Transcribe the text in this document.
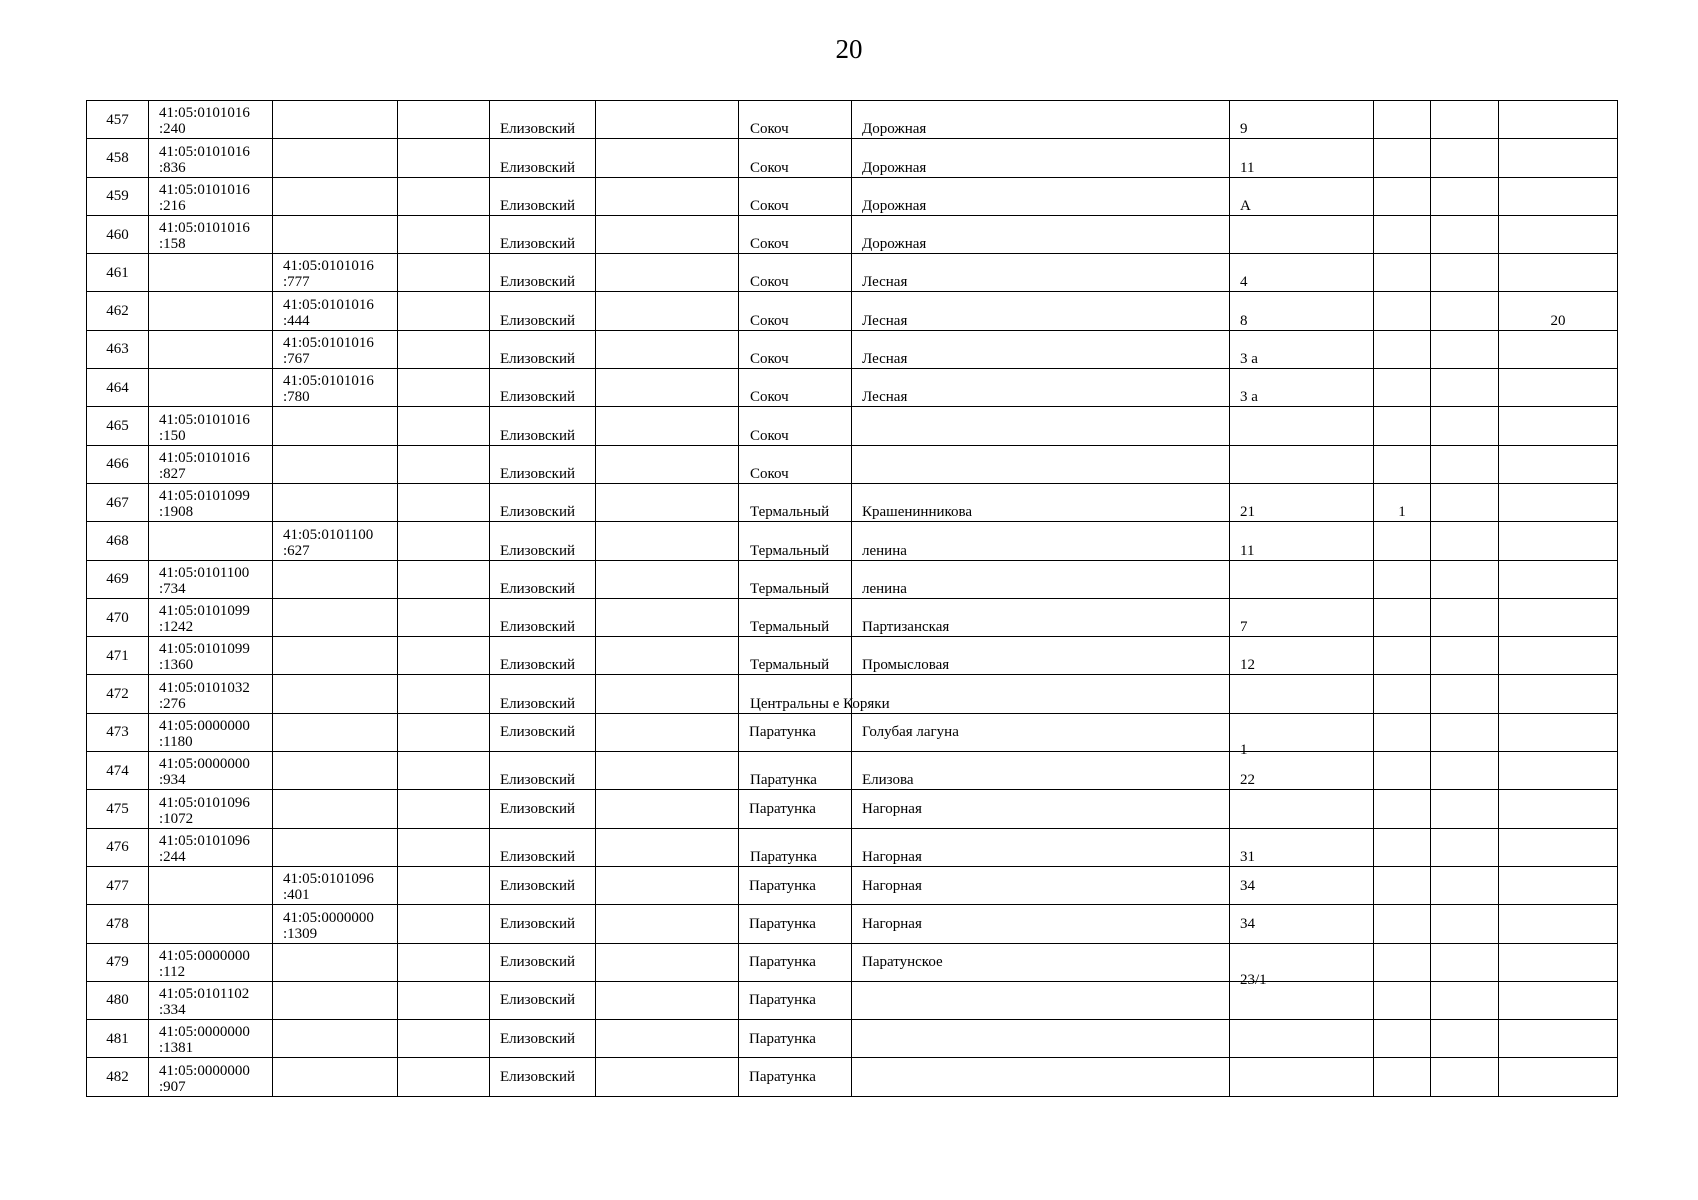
20
457	41:05:0101016
:240			Елизовский		Сокоч	Дорожная	9			
458	41:05:0101016
:836			Елизовский		Сокоч	Дорожная	11			
459	41:05:0101016
:216			Елизовский		Сокоч	Дорожная	А			
460	41:05:0101016
:158			Елизовский		Сокоч	Дорожная				
461		41:05:0101016
:777		Елизовский		Сокоч	Лесная	4			
462		41:05:0101016
:444		Елизовский		Сокоч	Лесная	8			20
463		41:05:0101016
:767		Елизовский		Сокоч	Лесная	3 а			
464		41:05:0101016
:780		Елизовский		Сокоч	Лесная	3 а			
465	41:05:0101016
:150			Елизовский		Сокоч					
466	41:05:0101016
:827			Елизовский		Сокоч					
467	41:05:0101099
:1908			Елизовский		Термальный	Крашенинникова	21	1		
468		41:05:0101100
:627		Елизовский		Термальный	ленина	11			
469	41:05:0101100
:734			Елизовский		Термальный	ленина				
470	41:05:0101099
:1242			Елизовский		Термальный	Партизанская	7			
471	41:05:0101099
:1360			Елизовский		Термальный	Промысловая	12			
472	41:05:0101032
:276			Елизовский		Центральны е Коряки					
473	41:05:0000000
:1180			Елизовский		Паратунка	Голубая лагуна	1			
474	41:05:0000000
:934			Елизовский		Паратунка	Елизова	22			
475	41:05:0101096
:1072			Елизовский		Паратунка	Нагорная				
476	41:05:0101096
:244			Елизовский		Паратунка	Нагорная	31			
477		41:05:0101096
:401		Елизовский		Паратунка	Нагорная	34			
478		41:05:0000000
:1309		Елизовский		Паратунка	Нагорная	34			
479	41:05:0000000
:112			Елизовский		Паратунка	Паратунское	23/1			
480	41:05:0101102
:334			Елизовский		Паратунка					
481	41:05:0000000
:1381			Елизовский		Паратунка					
482	41:05:0000000
:907			Елизовский		Паратунка					
